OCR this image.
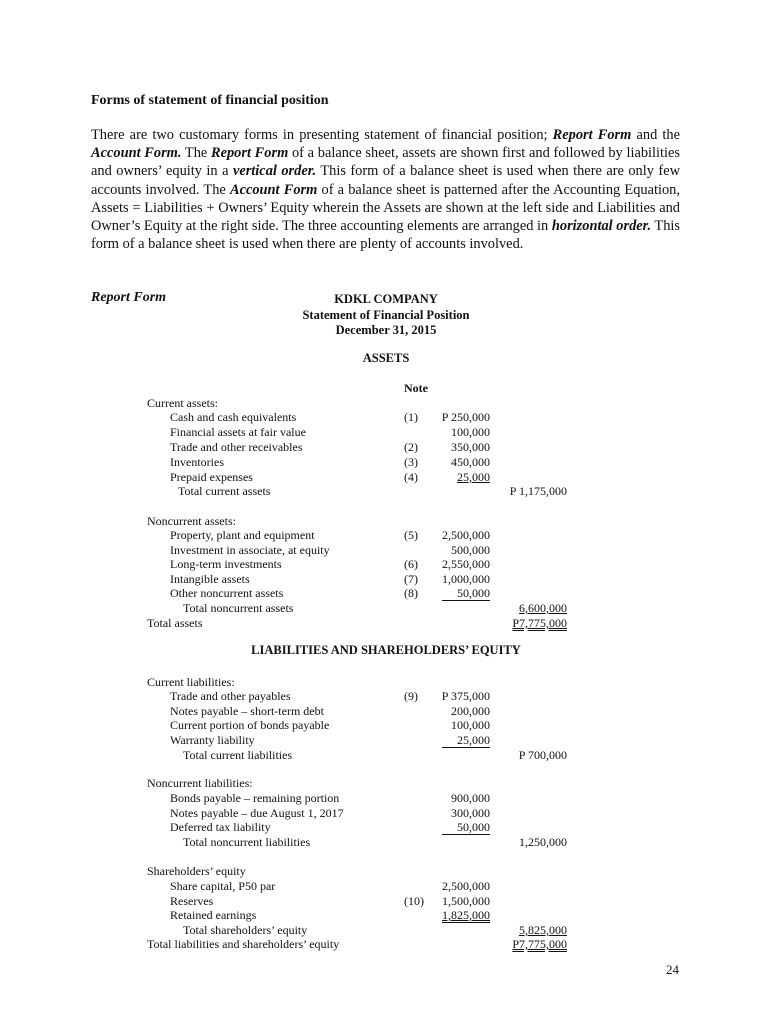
Forms of statement of financial position
There are two customary forms in presenting statement of financial position; Report Form and the Account Form. The Report Form of a balance sheet, assets are shown first and followed by liabilities and owners’ equity in a vertical order. This form of a balance sheet is used when there are only few accounts involved. The Account Form of a balance sheet is patterned after the Accounting Equation, Assets = Liabilities + Owners’ Equity wherein the Assets are shown at the left side and Liabilities and Owner’s Equity at the right side. The three accounting elements are arranged in horizontal order. This form of a balance sheet is used when there are plenty of accounts involved.
Report Form	KDKL COMPANY
Statement of Financial Position
December 31, 2015
ASSETS
Note
Current assets:
Cash and cash equivalents	(1) P 250,000
Financial assets at fair value	100,000
Trade and other receivables	(2)	350,000
Inventories	(3)	450,000
Prepaid expenses	(4)	25,000
Total current assets	P 1,175,000
Noncurrent assets:
Property, plant and equipment	(5) 2,500,000
Investment in associate, at equity	500,000
Long-term investments	(6) 2,550,000
Intangible assets	(7) 1,000,000
Other noncurrent assets	(8)	50,000
Total noncurrent assets	6,600,000
Total assets	P7,775,000
LIABILITIES AND SHAREHOLDERS’ EQUITY
Current liabilities:
Trade and other payables	(9) P 375,000
Notes payable – short-term debt	200,000
Current portion of bonds payable	100,000
Warranty liability	25,000
Total current liabilities	P 700,000
Noncurrent liabilities:
Bonds payable – remaining portion	900,000
Notes payable – due August 1, 2017	300,000
Deferred tax liability	50,000
Total noncurrent liabilities	1,250,000
Shareholders’ equity
Share capital, P50 par	2,500,000
Reserves	(10) 1,500,000
Retained earnings	1,825,000
Total shareholders’ equity	5,825,000
Total liabilities and shareholders’ equity	P7,775,000
24
